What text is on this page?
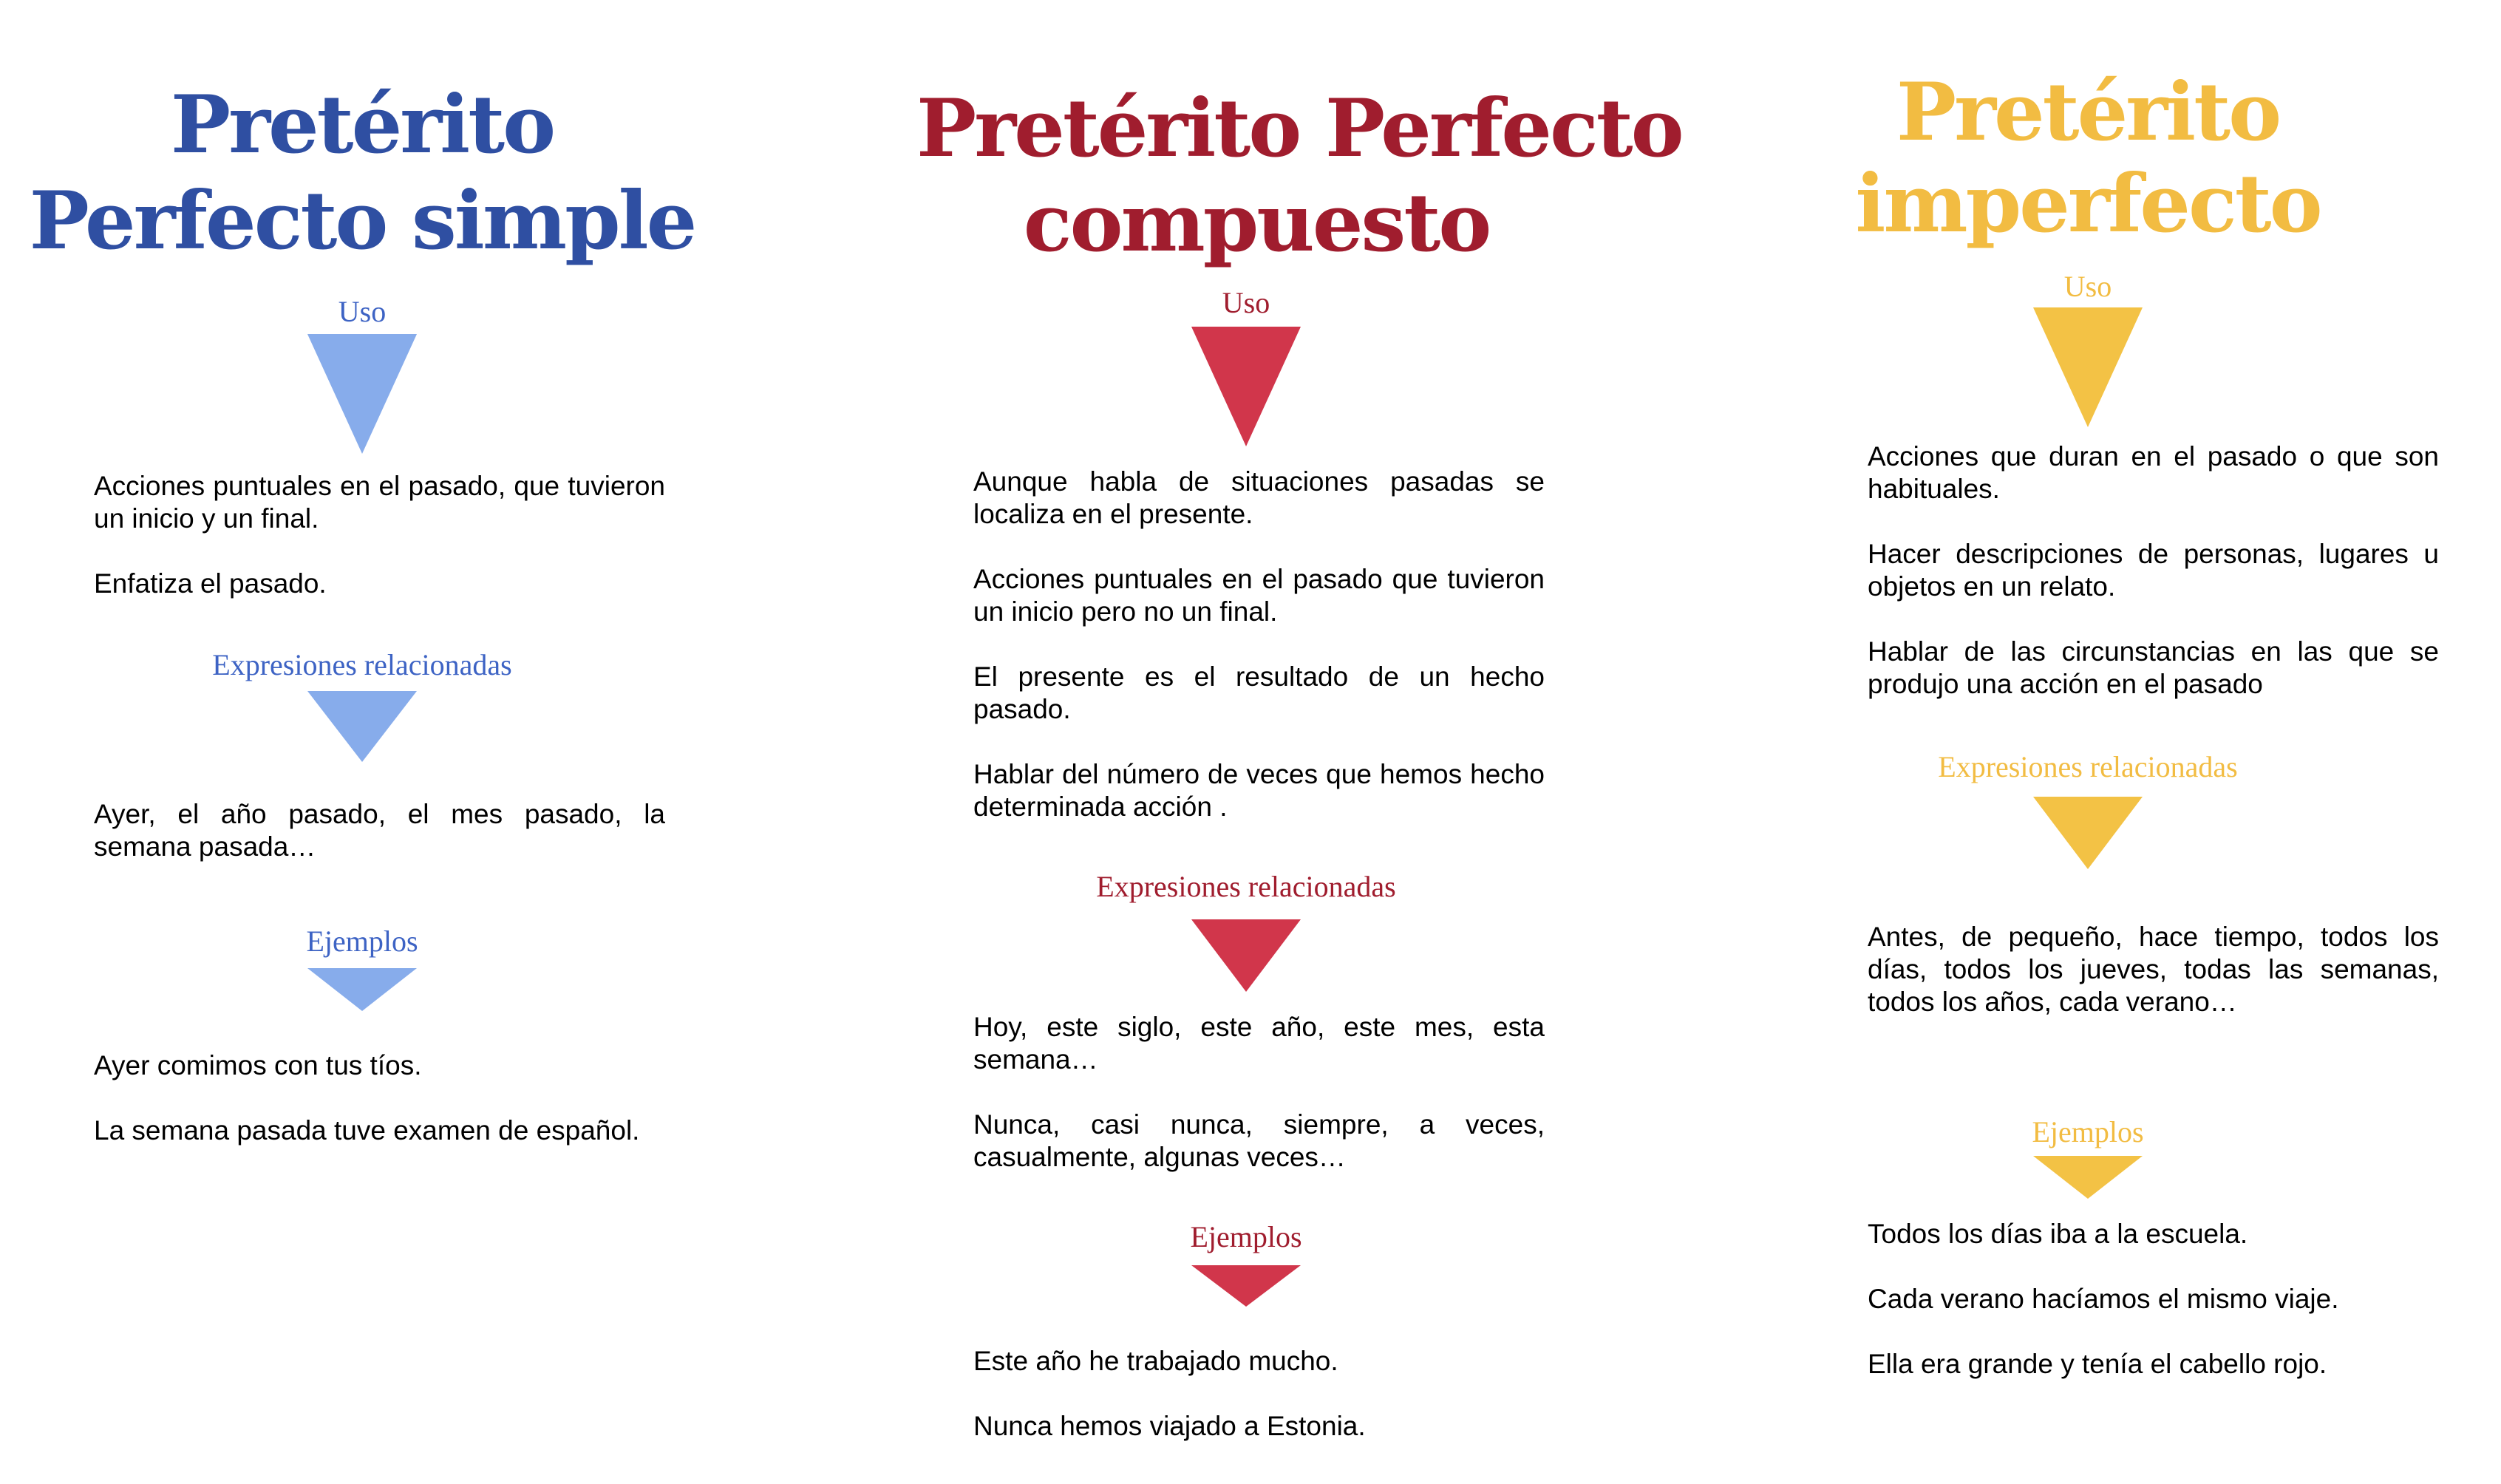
Pretérito
Perfecto simple
Uso

Acciones puntuales en el pasado, que tuvieron un inicio y un final.

Enfatiza el pasado.

Expresiones relacionadas

Ayer, el año pasado, el mes pasado, la semana pasada…

Ejemplos

Ayer comimos con tus tíos.

La semana pasada tuve examen de español.

Pretérito Perfecto
compuesto
Uso

Aunque habla de situaciones pasadas se localiza en el presente.

Acciones puntuales en el pasado que tuvieron un inicio pero no un final.

El presente es el resultado de un hecho pasado.

Hablar del número de veces que hemos hecho determinada acción .

Expresiones relacionadas

Hoy, este siglo, este año, este mes, esta semana…

Nunca, casi nunca, siempre, a veces, casualmente, algunas veces…

Ejemplos

Este año he trabajado mucho.

Nunca hemos viajado a Estonia.

Pretérito
imperfecto
Uso

Acciones que duran en el pasado o que son habituales.

Hacer descripciones de personas, lugares u objetos en un relato.

Hablar de las circunstancias en las que se produjo una acción en el pasado

Expresiones relacionadas

Antes, de pequeño, hace tiempo, todos los días, todos los jueves, todas las semanas, todos los años, cada verano…

Ejemplos

Todos los días iba a la escuela.

Cada verano hacíamos el mismo viaje.

Ella era grande y tenía el cabello rojo.
